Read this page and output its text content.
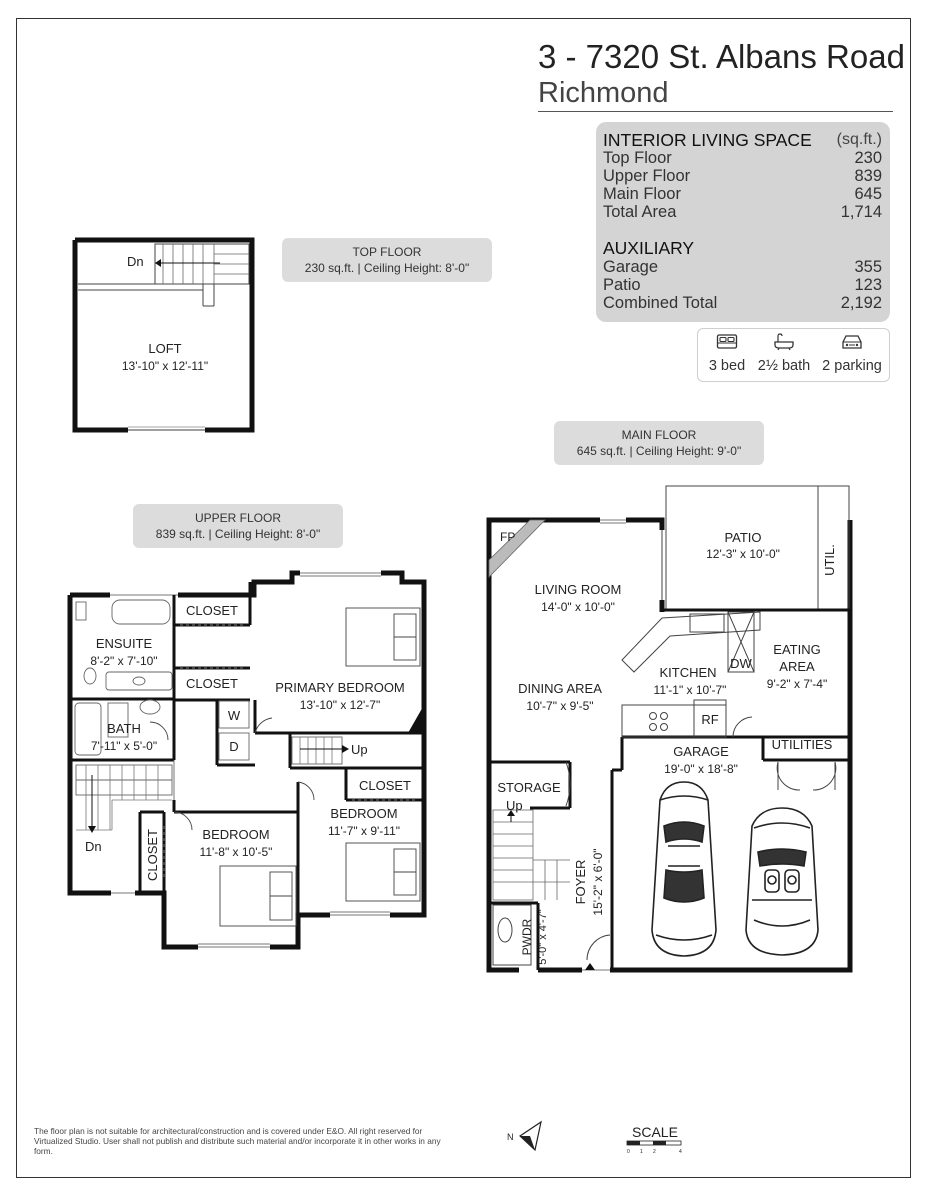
3 - 7320 St. Albans Road
Richmond
INTERIOR LIVING SPACE (sq.ft.)
Top Floor	230
Upper Floor	839
Main Floor	645
Total Area	1,714
AUXILIARY
Garage	355
Patio	123
Combined Total	2,192
3 bed 2½ bath 2 parking
TOP FLOOR
230 sq.ft. | Ceiling Height: 8'-0"
MAIN FLOOR
645 sq.ft. | Ceiling Height: 9'-0"
UPPER FLOOR
839 sq.ft. | Ceiling Height: 8'-0"
Dn
LOFT
13'-10" x 12'-11"
CLOSET
CLOSET
ENSUITE
8'-2" x 7'-10"
BATH
7'-11" x 5'-0"
PRIMARY BEDROOM
13'-10" x 12'-7"
W
D	Up
Dn
CLOSET
CLOSET	BEDROOM
11'-8" x 10'-5"
BEDROOM
11'-7" x 9'-11"
FP
LIVING ROOM
14'-0" x 10'-0"
PATIO
12'-3" x 10'-0"	UTIL.
KITCHEN
11'-1" x 10'-7"
DW
RF
EATING
AREA
9'-2" x 7'-4"
DINING AREA
10'-7" x 9'-5"
UTILITIES
GARAGE
19'-0" x 18'-8"
STORAGE
Up
FOYER 15'-2" x 6'-0"
PWDR 5'-0" x 4'-7"
N
0 1 2	4
SCALE
The floor plan is not suitable for architectural/construction and is covered under E&O. All right reserved for Virtualized Studio. User shall not publish and distribute such material and/or incorporate it in other works in any form.
